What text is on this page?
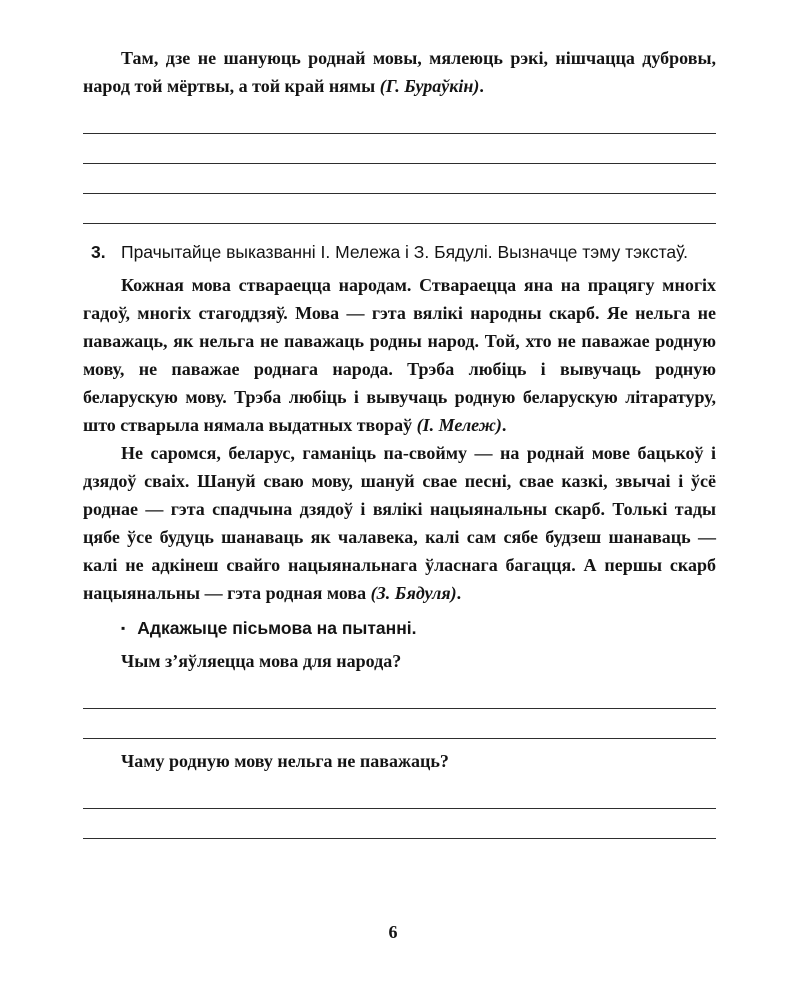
Там, дзе не шануюць роднай мовы, мялеюць рэкі, нішчацца дубровы, народ той мёртвы, а той край нямы (Г. Бураўкін).

3. Прачытайце выказванні І. Мележа і З. Бядулі. Вызначце тэму тэкстаў.

Кожная мова ствараецца народам. Ствараецца яна на працягу многіх гадоў, многіх стагоддзяў. Мова — гэта вялікі народны скарб. Яе нельга не паважаць, як нельга не паважаць родны народ. Той, хто не паважае родную мову, не паважае роднага народа. Трэба любіць і вывучаць родную беларускую мову. Трэба любіць і вывучаць родную беларускую літаратуру, што стварыла нямала выдатных твораў (І. Мележ).

Не саромся, беларус, гаманіць па-свойму — на роднай мове бацькоў і дзядоў сваіх. Шануй сваю мову, шануй свае песні, свае казкі, звычаі і ўсё роднае — гэта спадчына дзядоў і вялікі нацыянальны скарб. Толькі тады цябе ўсе будуць шанаваць як чалавека, калі сам сябе будзеш шанаваць — калі не адкінеш свайго нацыянальнага ўласнага багацця. А першы скарб нацыянальны — гэта родная мова (З. Бядуля).

▪ Адкажыце пісьмова на пытанні.

Чым з’яўляецца мова для народа?

Чаму родную мову нельга не паважаць?

6
